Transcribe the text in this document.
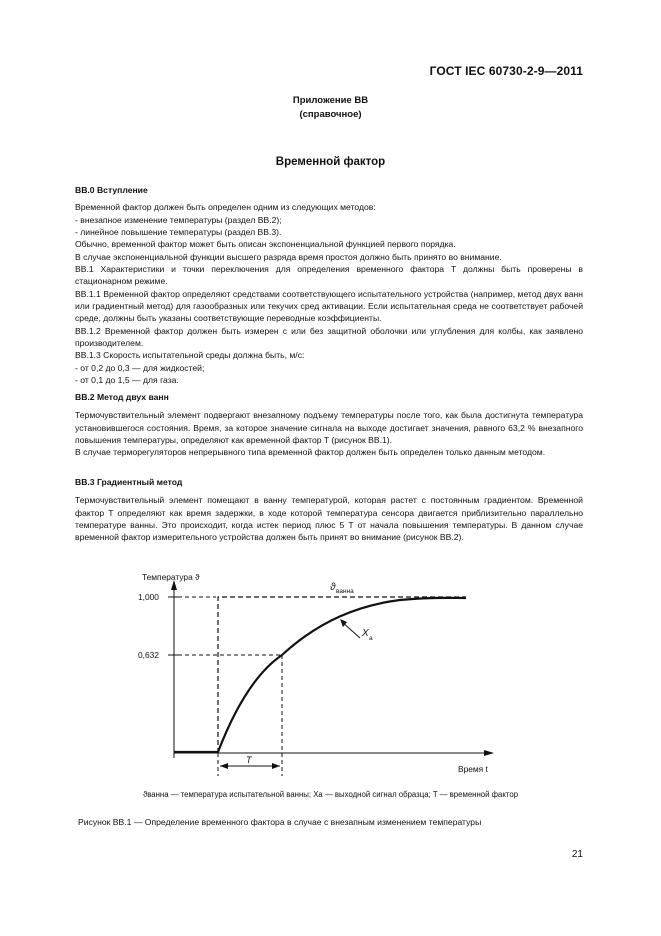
ГОСТ IEC 60730-2-9—2011
Приложение ВВ
(справочное)
Временной фактор

ВВ.0 Вступление

Временной фактор должен быть определен одним из следующих методов:

- внезапное изменение температуры (раздел ВВ.2);

- линейное повышение температуры (раздел ВВ.3).

Обычно, временной фактор может быть описан экспоненциальной функцией первого порядка.

В случае экспоненциальной функции высшего разряда время простоя должно быть принято во внимание.

ВВ.1 Характеристики и точки переключения для определения временного фактора T должны быть проверены в стационарном режиме.

ВВ.1.1 Временной фактор определяют средствами соответствующего испытательного устройства (например, метод двух ванн или градиентный метод) для газообразных или текучих сред активации. Если испытательная среда не соответствует рабочей среде, должны быть указаны соответствующие переводные коэффициенты.

ВВ.1.2 Временной фактор должен быть измерен с или без защитной оболочки или углубления для колбы, как заявлено производителем.

ВВ.1.3 Скорость испытательной среды должна быть, м/с:

- от 0,2 до 0,3 — для жидкостей;

- от 0,1 до 1,5 — для газа.

ВВ.2 Метод двух ванн

Термочувствительный элемент подвергают внезапному подъему температуры после того, как была достигнута температура установившегося состояния. Время, за которое значение сигнала на выходе достигает значения, равного 63,2 % внезапного повышения температуры, определяют как временной фактор T (рисунок ВВ.1).

В случае терморегуляторов непрерывного типа временной фактор должен быть определен только данным методом.

ВВ.3 Градиентный метод

Термочувствительный элемент помещают в ванну температурой, которая растет с постоянным градиентом. Временной фактор T определяют как время задержки, в ходе которой температура сенсора двигается приблизительно параллельно температуре ванны. Это происходит, когда истек период плюс 5 T от начала повышения температуры. В данном случае временной фактор измерительного устройства должен быть принят во внимание (рисунок ВВ.2).

Температура ϑ
1,000
0,632
ϑ ванна
X a
T
Время t
ϑванна — температура испытательной ванны; Xa — выходной сигнал образца; T — временной фактор
Рисунок ВВ.1 — Определение временного фактора в случае с внезапным изменением температуры
21
